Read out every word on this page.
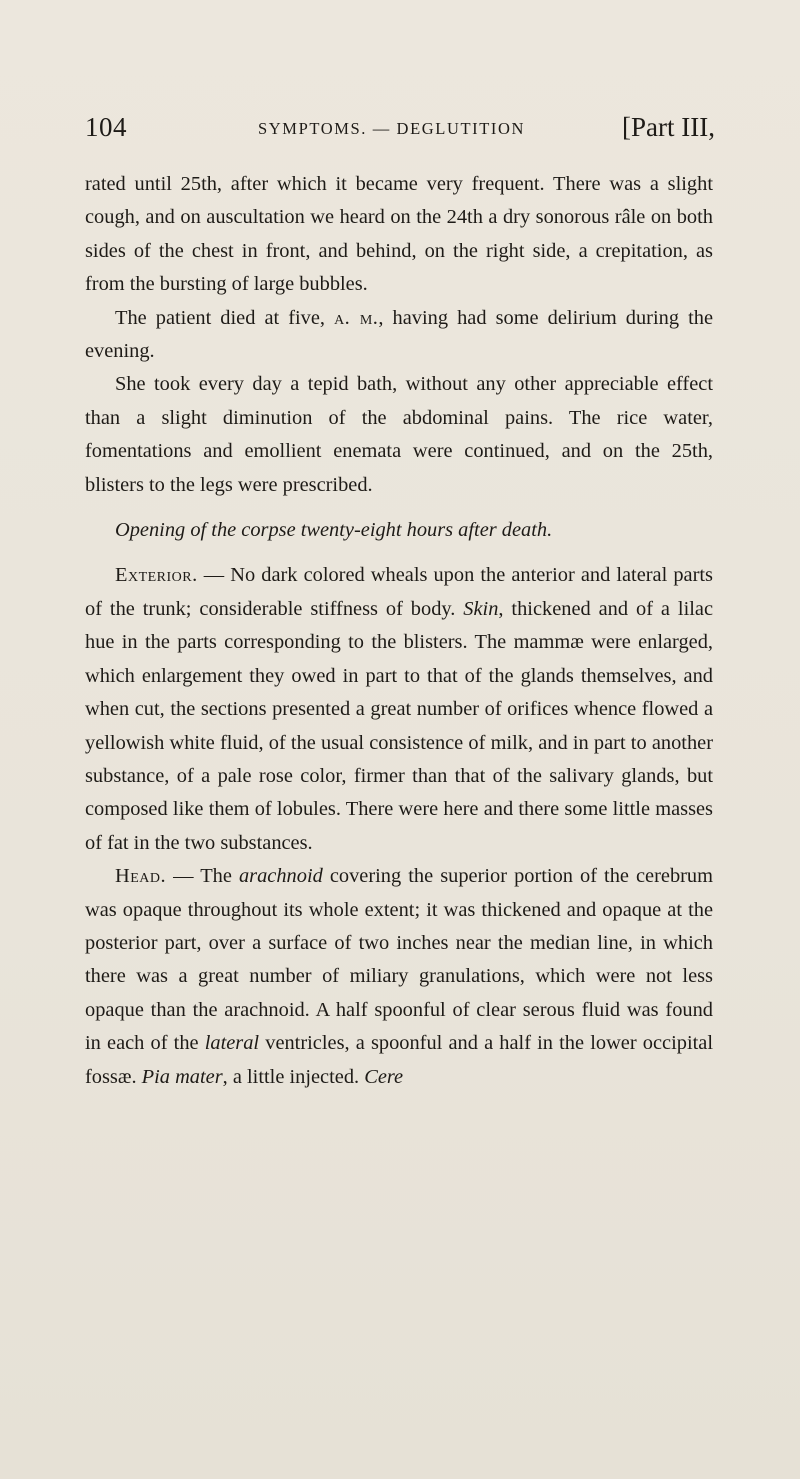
104	SYMPTOMS. — DEGLUTITION	[Part III,

rated until 25th, after which it became very frequent. There was a slight cough, and on auscultation we heard on the 24th a dry sonorous râle on both sides of the chest in front, and behind, on the right side, a crepitation, as from the bursting of large bubbles.

The patient died at five, a. m., having had some delirium during the evening.

She took every day a tepid bath, without any other appreciable effect than a slight diminution of the abdominal pains. The rice water, fomentations and emollient enemata were continued, and on the 25th, blisters to the legs were prescribed.

Opening of the corpse twenty-eight hours after death.

Exterior. — No dark colored wheals upon the anterior and lateral parts of the trunk; considerable stiffness of body. Skin, thickened and of a lilac hue in the parts corresponding to the blisters. The mammæ were enlarged, which enlargement they owed in part to that of the glands themselves, and when cut, the sections presented a great number of orifices whence flowed a yellowish white fluid, of the usual consistence of milk, and in part to another substance, of a pale rose color, firmer than that of the salivary glands, but composed like them of lobules. There were here and there some little masses of fat in the two substances.

Head. — The arachnoid covering the superior portion of the cerebrum was opaque throughout its whole extent; it was thickened and opaque at the posterior part, over a surface of two inches near the median line, in which there was a great number of miliary granulations, which were not less opaque than the arachnoid. A half spoonful of clear serous fluid was found in each of the lateral ventricles, a spoonful and a half in the lower occipital fossæ. Pia mater, a little injected. Cere
